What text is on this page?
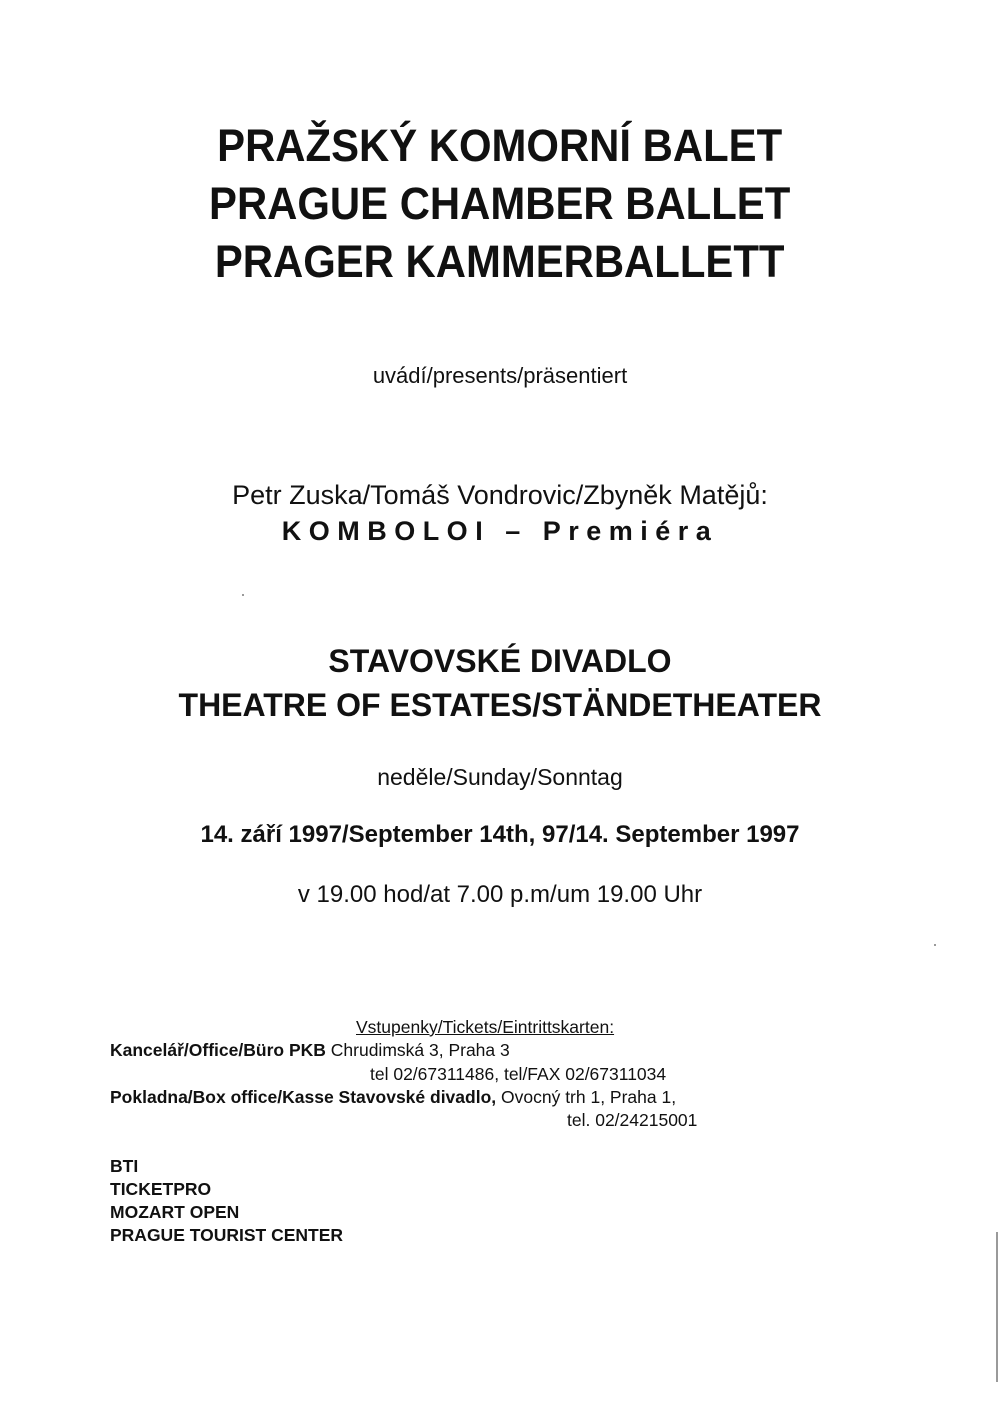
PRAŽSKÝ KOMORNÍ BALET
PRAGUE CHAMBER BALLET
PRAGER KAMMERBALLETT
uvádí/presents/präsentiert
Petr Zuska/Tomáš Vondrovic/Zbyněk Matějů:
KOMBOLOI – Premiéra
STAVOVSKÉ DIVADLO
THEATRE OF ESTATES/STÄNDETHEATER
neděle/Sunday/Sonntag
14. září 1997/September 14th, 97/14. September 1997
v 19.00 hod/at 7.00 p.m/um 19.00 Uhr
Vstupenky/Tickets/Eintrittskarten:
Kancelář/Office/Büro PKB Chrudimská 3, Praha 3
tel 02/67311486, tel/FAX 02/67311034
Pokladna/Box office/Kasse Stavovské divadlo, Ovocný trh 1, Praha 1,
tel. 02/24215001
BTI
TICKETPRO
MOZART OPEN
PRAGUE TOURIST CENTER
